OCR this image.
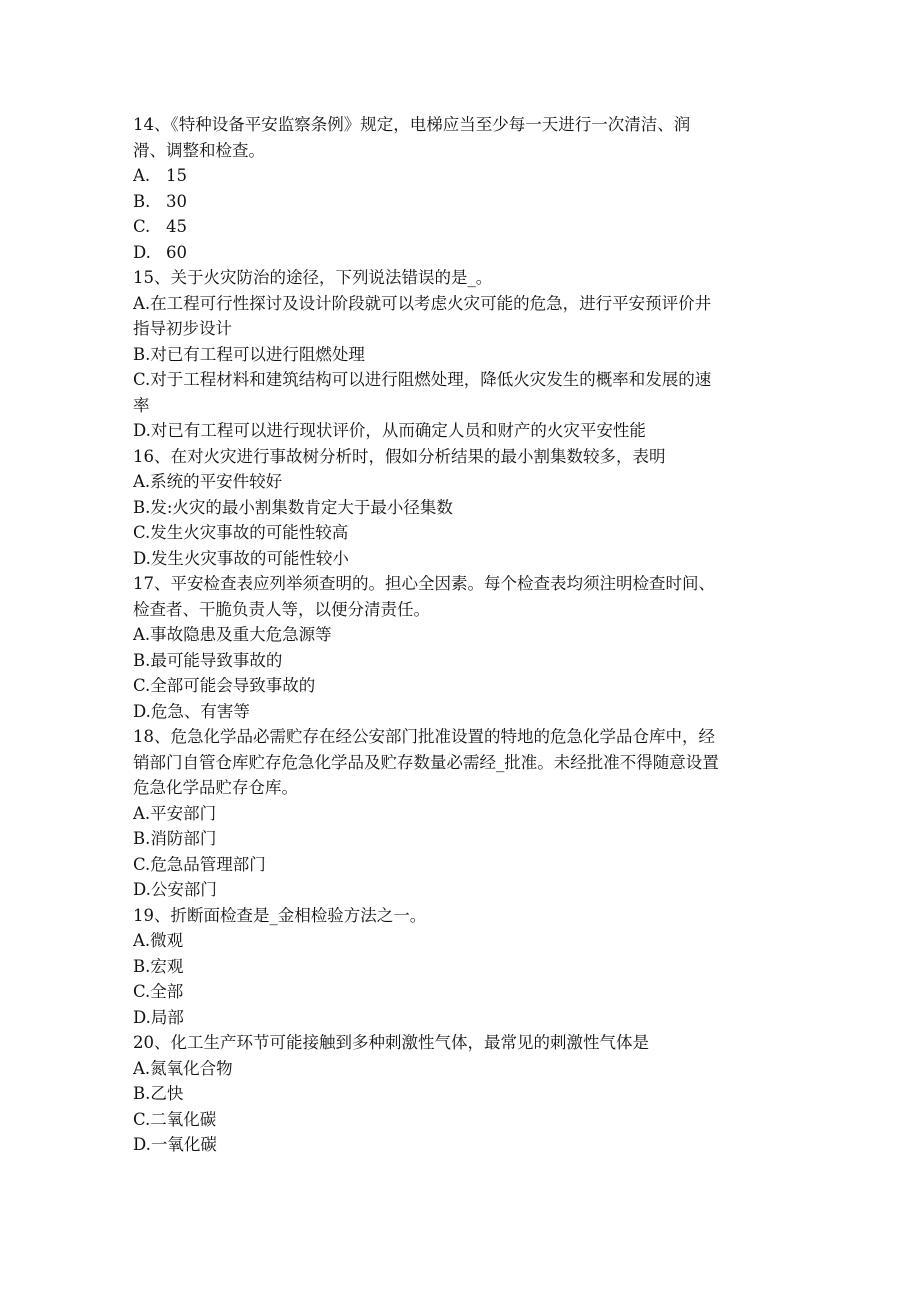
14、《特种设备平安监察条例》规定，电梯应当至少每一天进行一次清洁、润
滑、调整和检查。
A. 15
B. 30
C. 45
D. 60
15、关于火灾防治的途径，下列说法错误的是_。
A.在工程可行性探讨及设计阶段就可以考虑火灾可能的危急，进行平安预评价井
指导初步设计
B.对已有工程可以进行阻燃处理
C.对于工程材料和建筑结构可以进行阻燃处理，降低火灾发生的概率和发展的速
率
D.对已有工程可以进行现状评价，从而确定人员和财产的火灾平安性能
16、在对火灾进行事故树分析时，假如分析结果的最小割集数较多，表明
A.系统的平安件较好
B.发:火灾的最小割集数肯定大于最小径集数
C.发生火灾事故的可能性较高
D.发生火灾事故的可能性较小
17、平安检查表应列举须查明的。担心全因素。每个检查表均须注明检查时间、
检查者、干脆负责人等，以便分清责任。
A.事故隐患及重大危急源等
B.最可能导致事故的
C.全部可能会导致事故的
D.危急、有害等
18、危急化学品必需贮存在经公安部门批准设置的特地的危急化学品仓库中，经
销部门自管仓库贮存危急化学品及贮存数量必需经_批准。未经批准不得随意设置
危急化学品贮存仓库。
A.平安部门
B.消防部门
C.危急品管理部门
D.公安部门
19、折断面检查是_金相检验方法之一。
A.微观
B.宏观
C.全部
D.局部
20、化工生产环节可能接触到多种刺激性气体，最常见的刺激性气体是
A.氮氧化合物
B.乙快
C.二氧化碳
D.一氧化碳
